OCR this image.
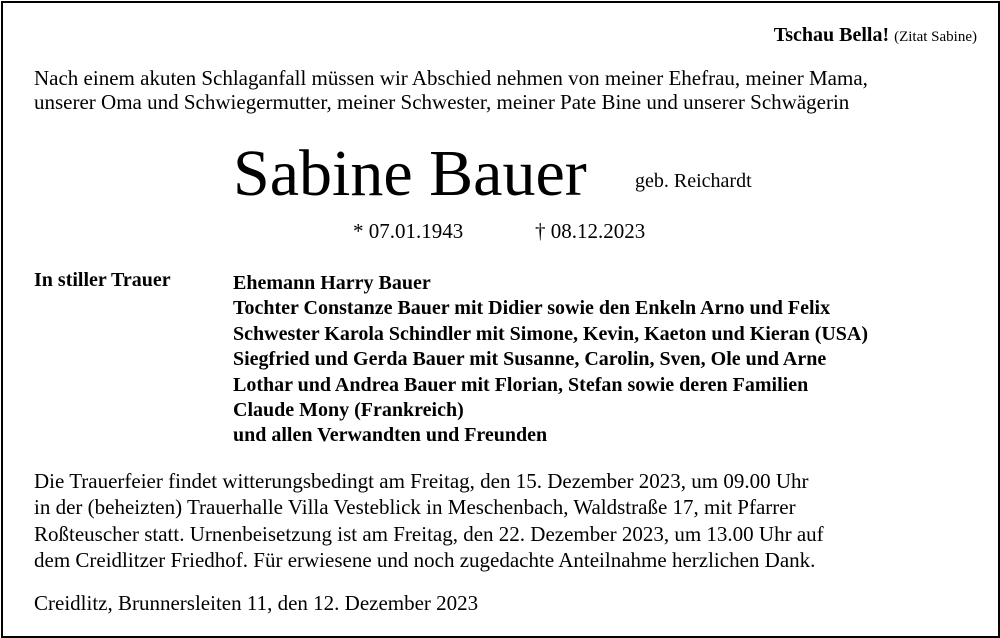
Tschau Bella! (Zitat Sabine)
Nach einem akuten Schlaganfall müssen wir Abschied nehmen von meiner Ehefrau, meiner Mama,
unserer Oma und Schwiegermutter, meiner Schwester, meiner Pate Bine und unserer Schwägerin
Sabine Bauer geb. Reichardt
* 07.01.1943	† 08.12.2023
In stiller Trauer	Ehemann Harry Bauer
Tochter Constanze Bauer mit Didier sowie den Enkeln Arno und Felix
Schwester Karola Schindler mit Simone, Kevin, Kaeton und Kieran (USA)
Siegfried und Gerda Bauer mit Susanne, Carolin, Sven, Ole und Arne
Lothar und Andrea Bauer mit Florian, Stefan sowie deren Familien
Claude Mony (Frankreich)
und allen Verwandten und Freunden
Die Trauerfeier findet witterungsbedingt am Freitag, den 15. Dezember 2023, um 09.00 Uhr
in der (beheizten) Trauerhalle Villa Vesteblick in Meschenbach, Waldstraße 17, mit Pfarrer
Roßteuscher statt. Urnenbeisetzung ist am Freitag, den 22. Dezember 2023, um 13.00 Uhr auf
dem Creidlitzer Friedhof. Für erwiesene und noch zugedachte Anteilnahme herzlichen Dank.
Creidlitz, Brunnersleiten 11, den 12. Dezember 2023
